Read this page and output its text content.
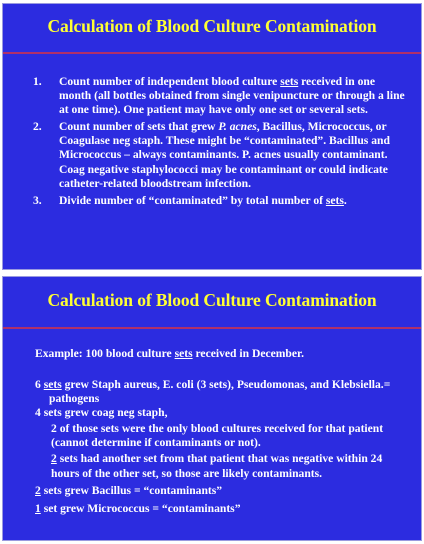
Calculation of Blood Culture Contamination
1. Count number of independent blood culture sets received in one month (all bottles obtained from single venipuncture or through a line at one time). One patient may have only one set or several sets.
2. Count number of sets that grew P. acnes, Bacillus, Micrococcus, or Coagulase neg staph. These might be “contaminated”. Bacillus and Micrococcus – always contaminants. P. acnes usually contaminant. Coag negative staphylococci may be contaminant or could indicate catheter-related bloodstream infection.
3. Divide number of “contaminated” by total number of sets.
Calculation of Blood Culture Contamination
Example: 100 blood culture sets received in December.
6 sets grew Staph aureus, E. coli (3 sets), Pseudomonas, and Klebsiella.= pathogens
4 sets grew coag neg staph,
2 of those sets were the only blood cultures received for that patient (cannot determine if contaminants or not).
2 sets had another set from that patient that was negative within 24 hours of the other set, so those are likely contaminants.
2 sets grew Bacillus = “contaminants”
1 set grew Micrococcus = “contaminants”
